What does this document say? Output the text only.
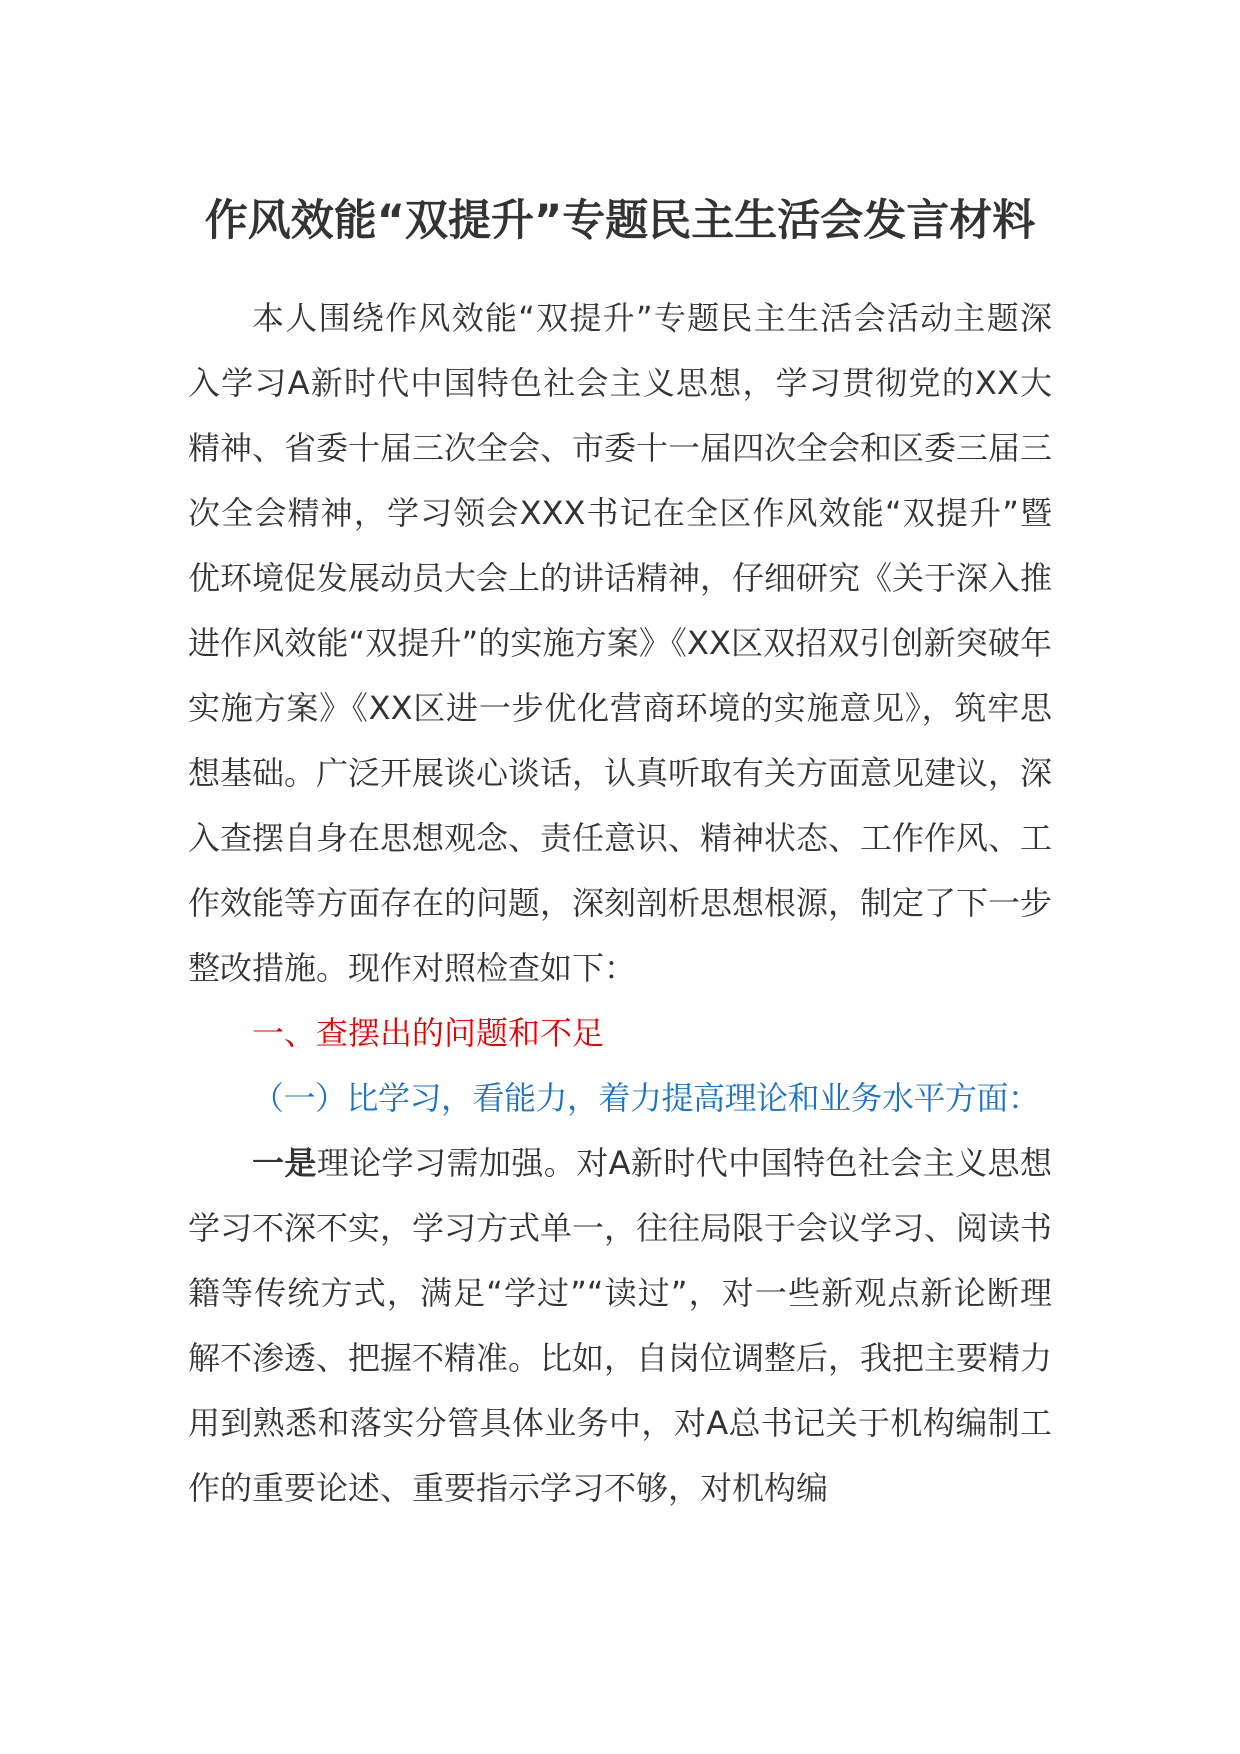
作风效能“双提升”专题民主生活会发言材料

本人围绕作风效能“双提升”专题民主生活会活动主题深入学习A新时代中国特色社会主义思想，学习贯彻党的XX大精神、省委十届三次全会、市委十一届四次全会和区委三届三次全会精神，学习领会XXX书记在全区作风效能“双提升”暨优环境促发展动员大会上的讲话精神，仔细研究《关于深入推进作风效能“双提升”的实施方案》《XX区双招双引创新突破年实施方案》《XX区进一步优化营商环境的实施意见》，筑牢思想基础。广泛开展谈心谈话，认真听取有关方面意见建议，深入查摆自身在思想观念、责任意识、精神状态、工作作风、工作效能等方面存在的问题，深刻剖析思想根源，制定了下一步整改措施。现作对照检查如下：

一、查摆出的问题和不足

（一）比学习，看能力，着力提高理论和业务水平方面：

一是理论学习需加强。对A新时代中国特色社会主义思想学习不深不实，学习方式单一，往往局限于会议学习、阅读书籍等传统方式，满足“学过”“读过”，对一些新观点新论断理解不渗透、把握不精准。比如，自岗位调整后，我把主要精力用到熟悉和落实分管具体业务中，对A总书记关于机构编制工作的重要论述、重要指示学习不够，对机构编
